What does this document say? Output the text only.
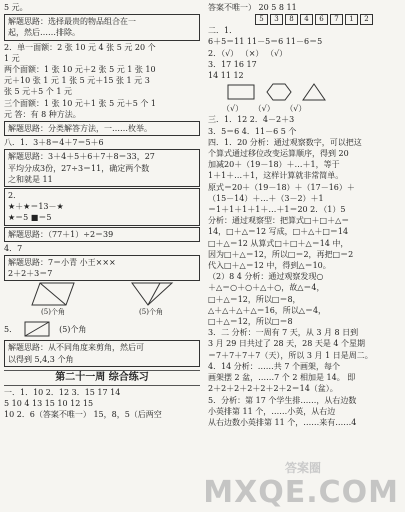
5 元。
解题思路：选择最贵的物品组合在一
起，然后……排除。
2．单一面额：2 张 10 元 4 张 5 元 20 个
1 元
两个面额：1 张 10 元＋2 张 5 元 1 张 10
元＋10 张 1 元 1 张 5 元＋15 张 1 元 3
张 5 元＋5 个 1 元
三个面额：1 张 10 元＋1 张 5 元＋5 个 1
元 答：有 8 种方法。
解题思路：分类解答方法，一……枚举。
八．1．3＋8＝4＋7＝5＋6
解题思路：3＋4＋5＋6＋7＋8＝33，27
平均分成3份，27÷3＝11，确定两个数
之和就是 11
2．
★＋★＝13－★
★＝5 ■＝5
解题思路：（77＋1）÷2＝39
4．7
解题思路：7＝小青 小王×××
2＋2＋3＝7
(5)个角	(5)个角
5．	(5)个角
解题思路：从不同角度来剪角，然后可
以得到 5,4,3 个角
第二十一周 综合练习
一．1．10 2．12 3．15 17 14
5 10 4 13 15 10 12 15
10 2．6（答案不唯一） 15，8，5（后两空
答案不唯一） 20 5 8 11
5 3 8 4 6 7 1 2
二．1．
6＋5＝11 11－5＝6 11－6＝5
2．（√） （×） （√）
3．17 16 17
14 11 12
（√） （√） （√）
三．1．12 2．4－2＋3
3．5＝6 4．11－6 5 个
四．1．20 分析：通过观察数字，可以把这
个算式通过移位改变运算顺序，得到 20
加减20＋（19－18）＋…＋1，等于
1＋1＋…＋1，这样计算就非常简单。
原式＝20＋（19－18）＋（17－16）＋
（15－14）＋…＋（3－2）＋1
＝1＋1＋1＋1＋…＋1＝20 2．（1）5
分析：通过观察型：把算式□＋□＋△＝
14，□＋△＝12 写成，□＋△＋□＝14
□＋△＝12 从算式□＋□＋△＝14 中，
因为□＋△＝12，所以□＝2，再把□＝2
代入□＋△＝12 中，得到△＝10。
（2）8 4 分析：通过观察发现○
＋△＝○＋○＋△＋○，故△＝4，
□＋△＝12，所以□＝8，
△＋△＋△＋△＝16，所以△＝4，
□＋△＝12，所以□＝8
3．二 分析：一周有 7 天，从 3 月 8 日到
3 月 29 日共过了 28 天，28 天是 4 个星期
＝7＋7＋7＋7（天），所以 3 月 1 日是周二。
4．14 分析：……共 7 个画架，每个
画架摆 2 盆，……7 个 2 相加是 14。 即
2＋2＋2＋2＋2＋2＋2＝14（盆）。
5．分析：第 17 个学生排……，从右边数
小英排第 11 个，……小英，从右边
从右边数小英排第 11 个，……来有……4
答案圈
MXQE.COM
